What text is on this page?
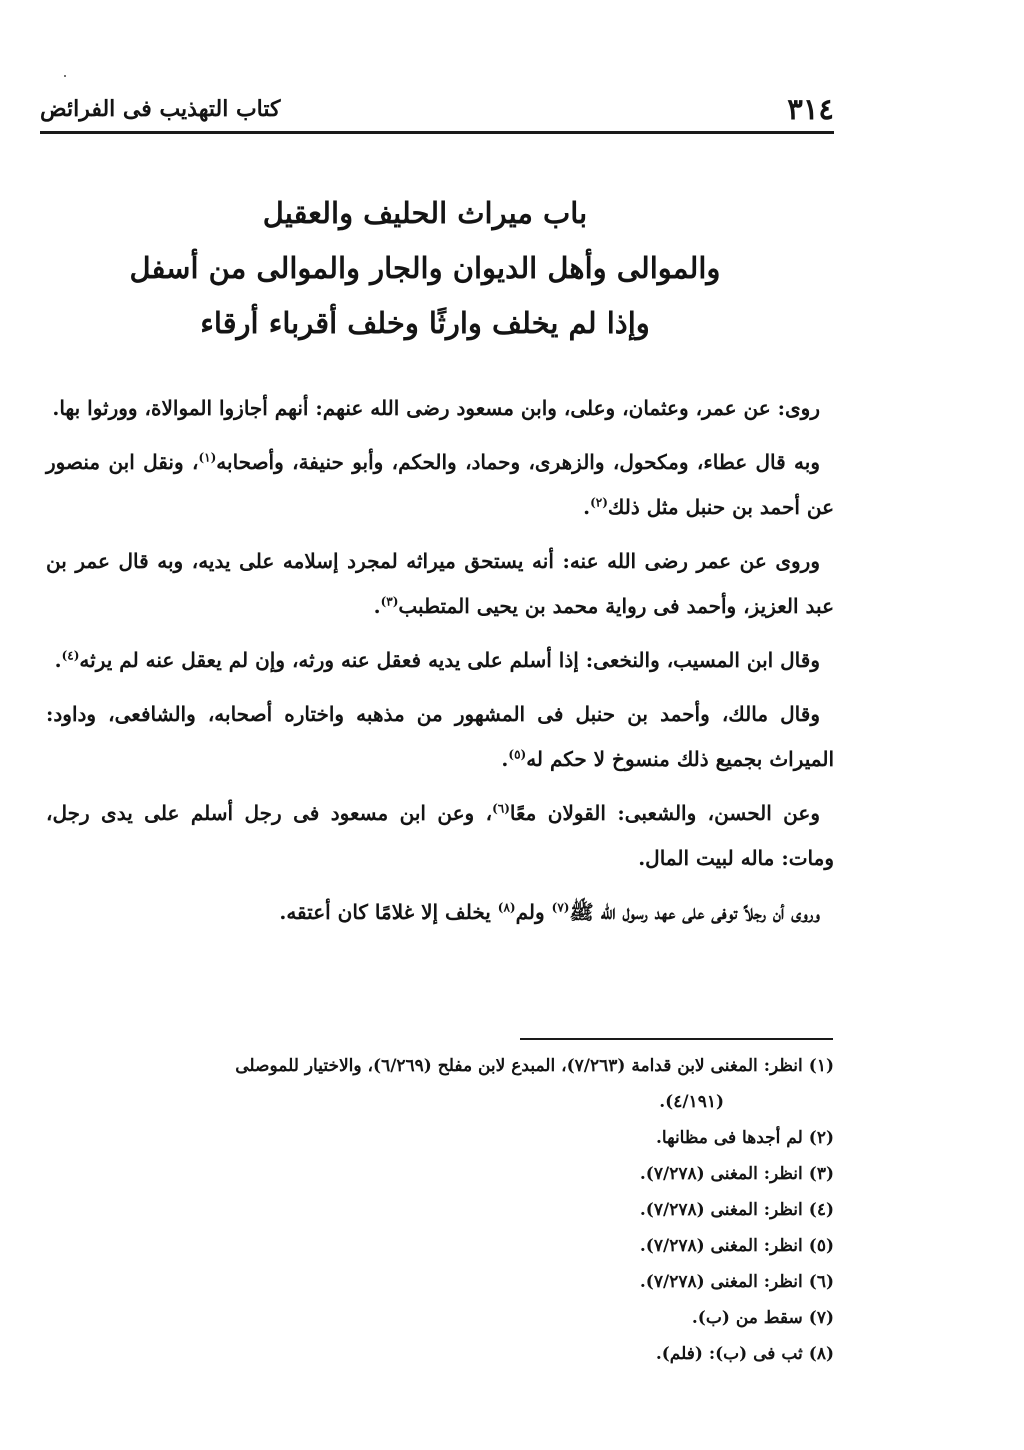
٣١٤
كتاب التهذيب فى الفرائض
باب ميراث الحليف والعقيل
والموالى وأهل الديوان والجار والموالى من أسفل
وإذا لم يخلف وارثًا وخلف أقرباء أرقاء

روى: عن عمر، وعثمان، وعلى، وابن مسعود رضى الله عنهم: أنهم أجازوا الموالاة، وورثوا بها.

وبه قال عطاء، ومكحول، والزهرى، وحماد، والحكم، وأبو حنيفة، وأصحابه$^{(١)}$، ونقل ابن منصور عن أحمد بن حنبل مثل ذلك$^{(٢)}$.

وروى عن عمر رضى الله عنه: أنه يستحق ميراثه لمجرد إسلامه على يديه، وبه قال عمر بن عبد العزيز، وأحمد فى رواية محمد بن يحيى المتطبب$^{(٣)}$.

وقال ابن المسيب، والنخعى: إذا أسلم على يديه فعقل عنه ورثه، وإن لم يعقل عنه لم يرثه$^{(٤)}$.

وقال مالك، وأحمد بن حنبل فى المشهور من مذهبه واختاره أصحابه، والشافعى، وداود: الميراث بجميع ذلك منسوخ لا حكم له$^{(٥)}$.

وعن الحسن، والشعبى: القولان معًا$^{(٦)}$، وعن ابن مسعود فى رجل أسلم على يدى رجل، ومات: ماله لبيت المال.

وروى أن رجلاً توفى على عهد رسول الله ﷺ$^{(٧)}$ ولم$^{(٨)}$ يخلف إلا غلامًا كان أعتقه.

(١)انظر: المغنى لابن قدامة (٧/٢٦٣)، المبدع لابن مفلح (٦/٢٦٩)، والاختيار للموصلى
(٤/١٩١).

(٢)لم أجدها فى مظانها.

(٣)انظر: المغنى (٧/٢٧٨).

(٤)انظر: المغنى (٧/٢٧٨).

(٥)انظر: المغنى (٧/٢٧٨).

(٦)انظر: المغنى (٧/٢٧٨).

(٧)سقط من (ب).

(٨)ثب فى (ب): (فلم).
